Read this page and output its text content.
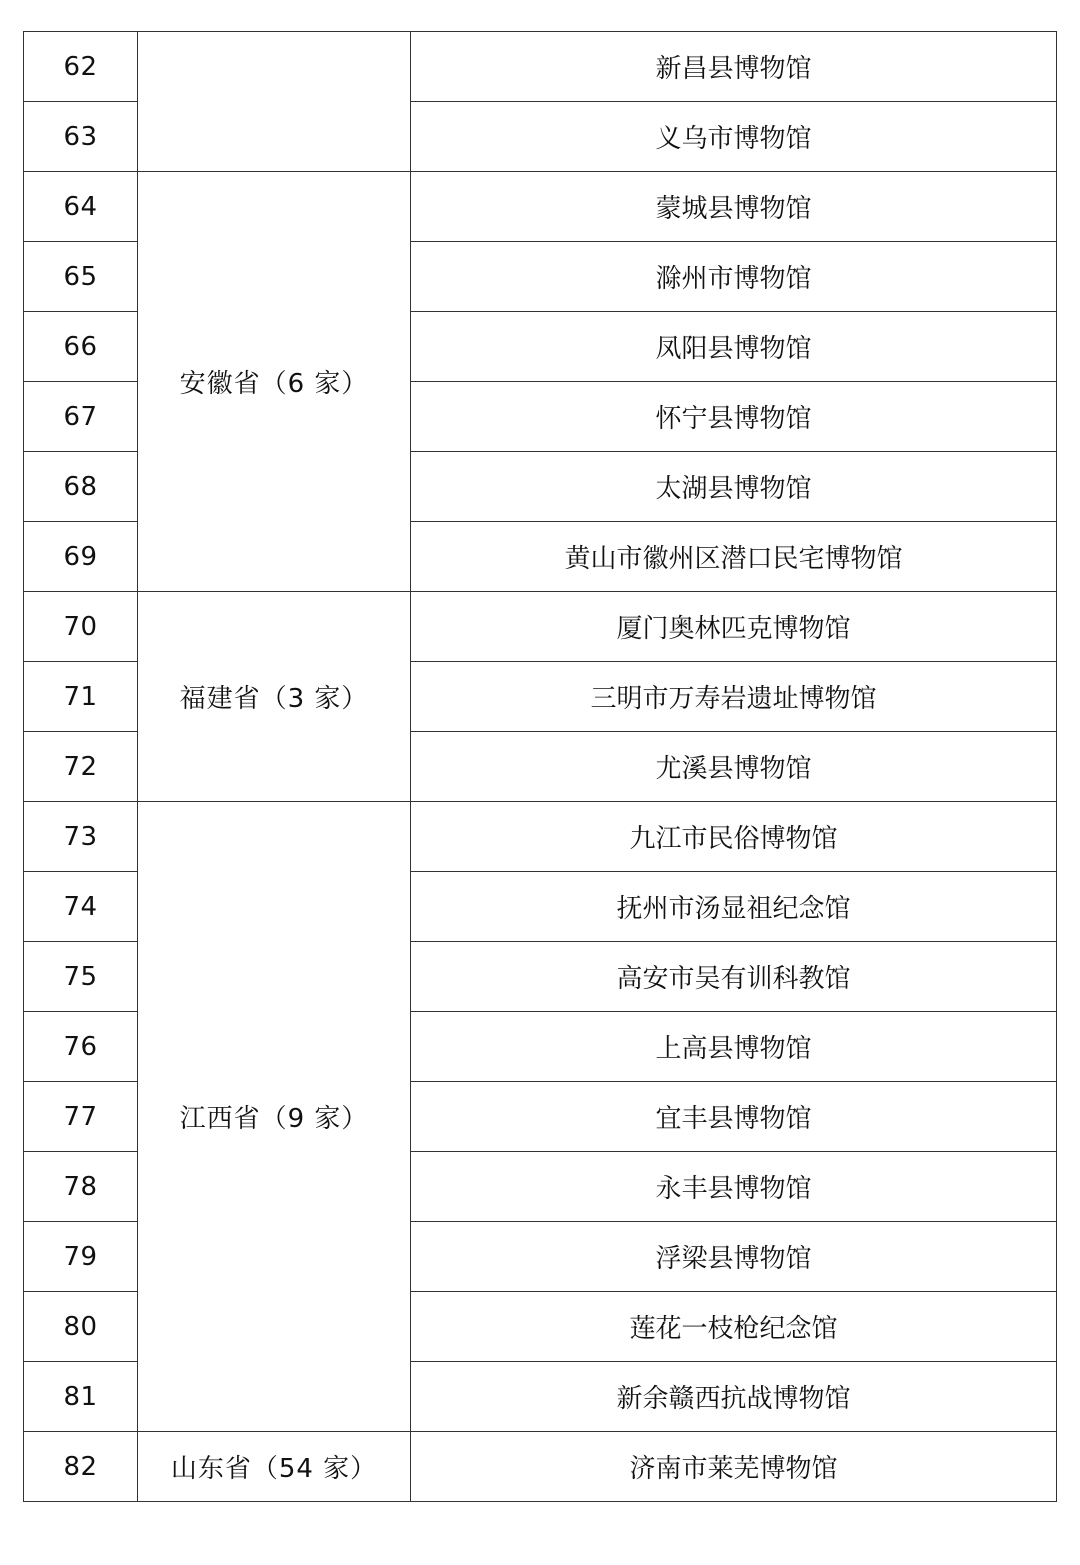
62		新昌县博物馆
63		义乌市博物馆
64	安徽省（6 家）	蒙城县博物馆
65		滁州市博物馆
66		凤阳县博物馆
67		怀宁县博物馆
68		太湖县博物馆
69		黄山市徽州区潜口民宅博物馆
70	福建省（3 家）	厦门奥林匹克博物馆
71		三明市万寿岩遗址博物馆
72		尤溪县博物馆
73	江西省（9 家）	九江市民俗博物馆
74		抚州市汤显祖纪念馆
75		高安市吴有训科教馆
76		上高县博物馆
77		宜丰县博物馆
78		永丰县博物馆
79		浮梁县博物馆
80		莲花一枝枪纪念馆
81		新余赣西抗战博物馆
82	山东省（54 家）	济南市莱芜博物馆
